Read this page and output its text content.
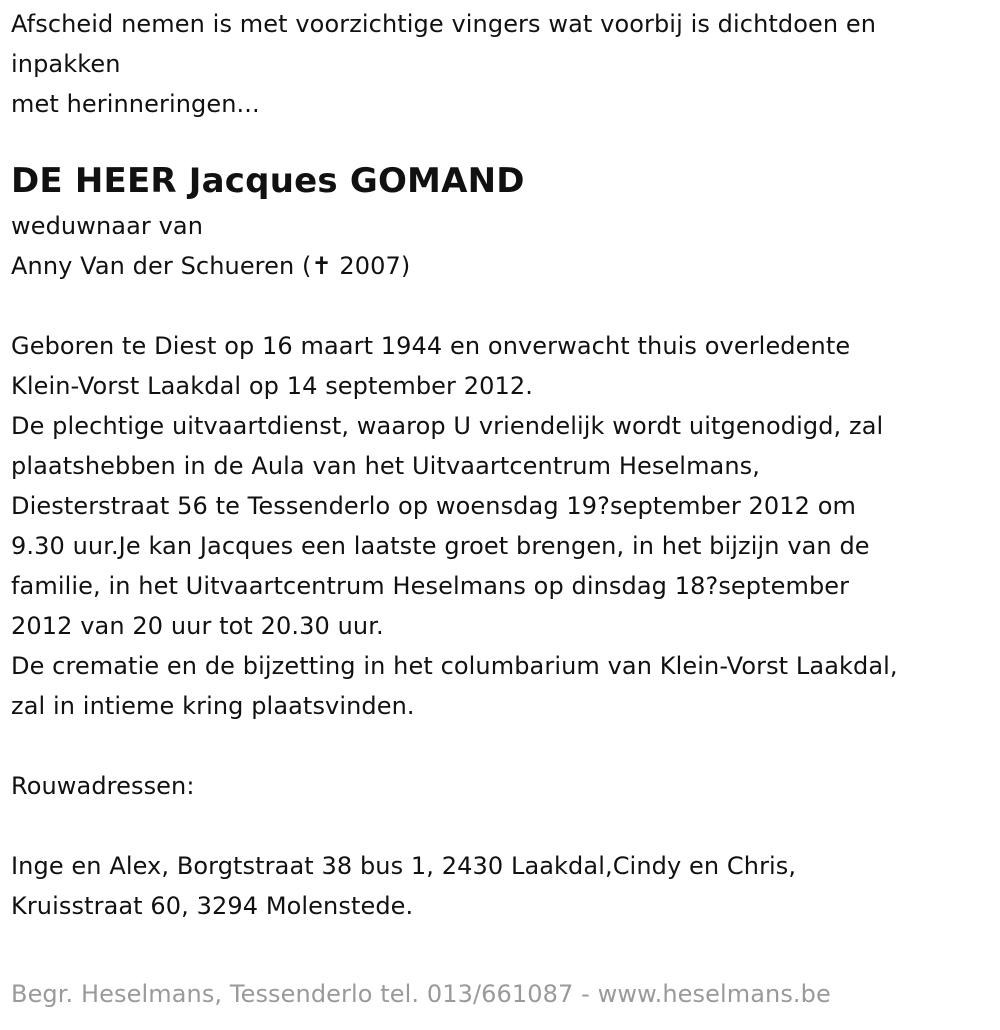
Afscheid nemen is met voorzichtige vingers wat voorbij is dichtdoen en
inpakken
met herinneringen...
DE HEER Jacques GOMAND
weduwnaar van
Anny Van der Schueren (✝ 2007)
Geboren te Diest op 16 maart 1944 en onverwacht thuis overledente
Klein-Vorst Laakdal op 14 september 2012.
De plechtige uitvaartdienst, waarop U vriendelijk wordt uitgenodigd, zal
plaatshebben in de Aula van het Uitvaartcentrum Heselmans,
Diesterstraat 56 te Tessenderlo op woensdag 19?september 2012 om
9.30 uur.Je kan Jacques een laatste groet brengen, in het bijzijn van de
familie, in het Uitvaartcentrum Heselmans op dinsdag 18?september
2012 van 20 uur tot 20.30 uur.
De crematie en de bijzetting in het columbarium van Klein-Vorst Laakdal,
zal in intieme kring plaatsvinden.
Rouwadressen:
Inge en Alex, Borgtstraat 38 bus 1, 2430 Laakdal,Cindy en Chris,
Kruisstraat 60, 3294 Molenstede.
Begr. Heselmans, Tessenderlo tel. 013/661087 - www.heselmans.be
